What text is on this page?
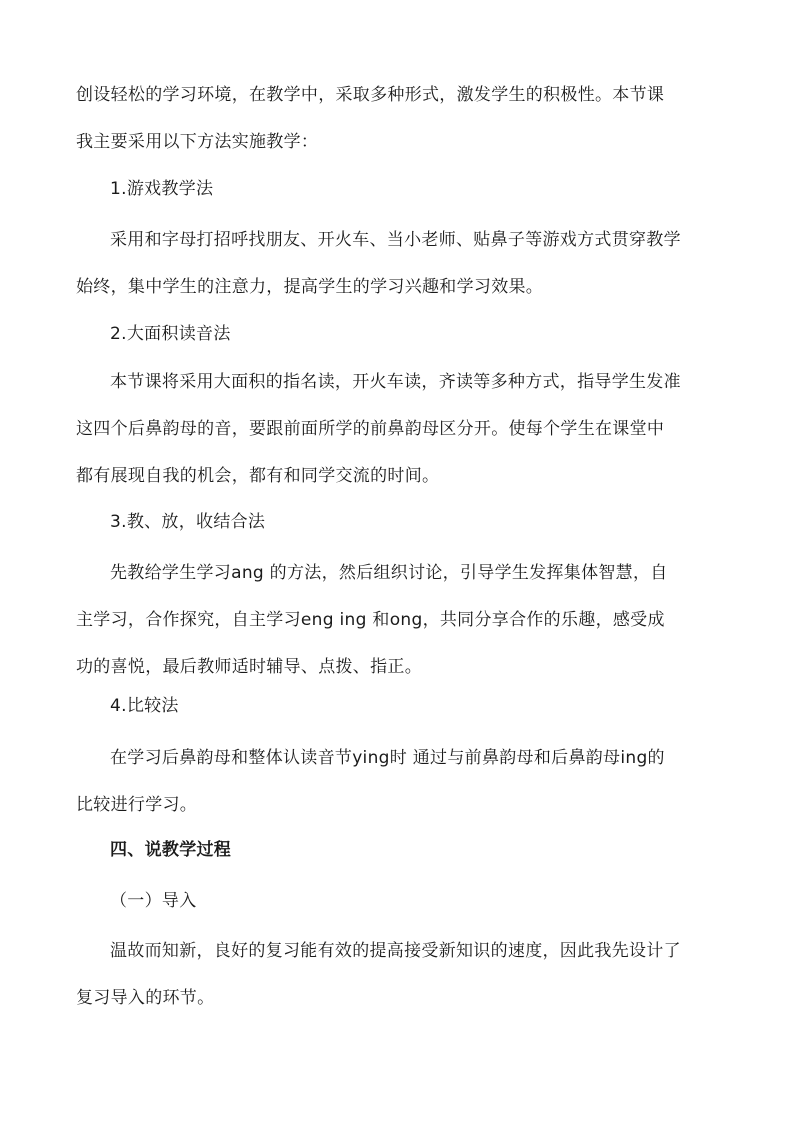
创设轻松的学习环境，在教学中，采取多种形式，激发学生的积极性。本节课
我主要采用以下方法实施教学：
1.游戏教学法
采用和字母打招呼找朋友、开火车、当小老师、贴鼻子等游戏方式贯穿教学
始终，集中学生的注意力，提高学生的学习兴趣和学习效果。
2.大面积读音法
本节课将采用大面积的指名读，开火车读，齐读等多种方式，指导学生发准
这四个后鼻韵母的音，要跟前面所学的前鼻韵母区分开。使每个学生在课堂中
都有展现自我的机会，都有和同学交流的时间。
3.教、放，收结合法
先教给学生学习ang 的方法，然后组织讨论，引导学生发挥集体智慧，自
主学习，合作探究，自主学习eng ing 和ong，共同分享合作的乐趣，感受成
功的喜悦，最后教师适时辅导、点拨、指正。
4.比较法
在学习后鼻韵母和整体认读音节ying时 通过与前鼻韵母和后鼻韵母ing的
比较进行学习。
四、说教学过程
（一）导入
温故而知新，良好的复习能有效的提高接受新知识的速度，因此我先设计了
复习导入的环节。
